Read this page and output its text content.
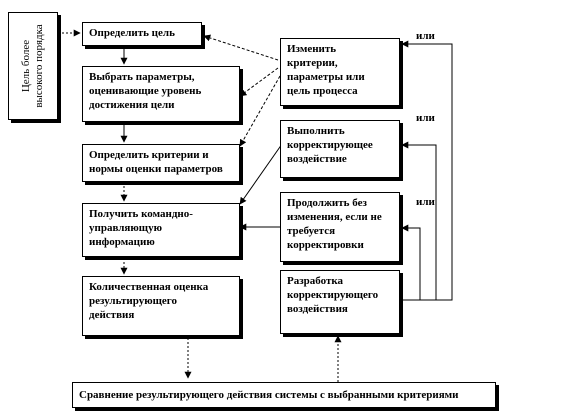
Цель более
высокого порядка	Определить цель
Выбрать параметры,
оценивающие уровень
достижения цели
Определить критерии и
нормы оценки параметров
Получить командно-
управляющую
информацию
Количественная оценка
результирующего
действия
Изменить
критерии,
параметры или
цель процесса
Выполнить
корректирующее
воздействие
Продолжить без
изменения, если не
требуется
корректировки
Разработка
корректирующего
воздействия
или
или
или
Сравнение результирующего действия системы с выбранными критериями
